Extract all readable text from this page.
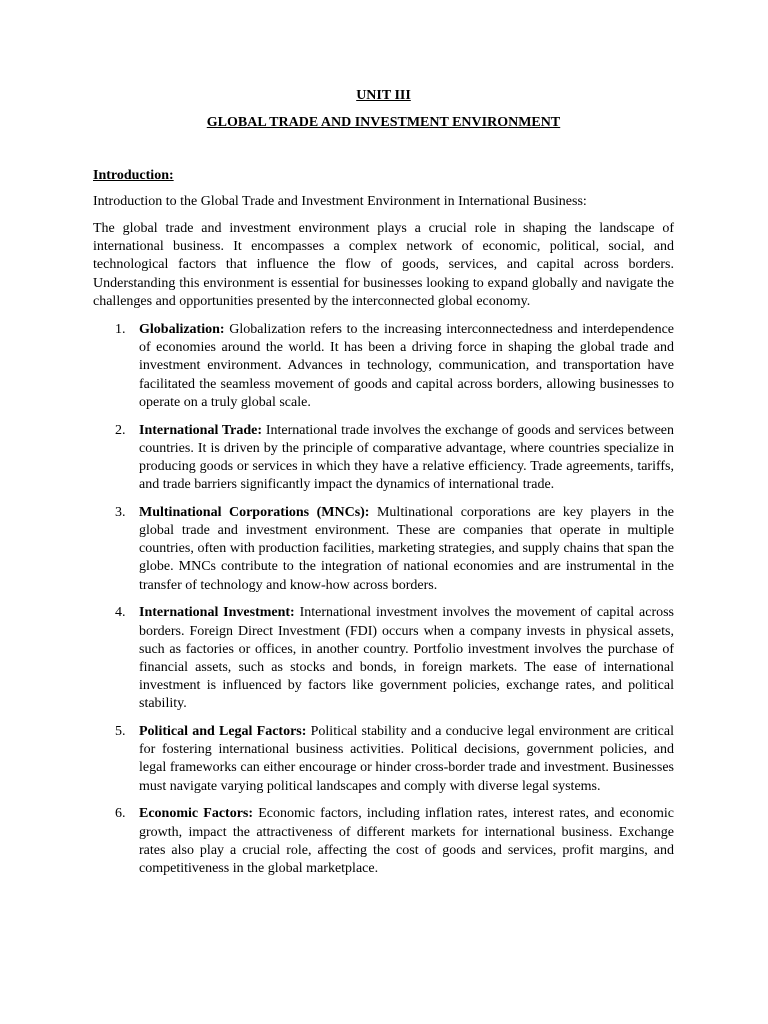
UNIT III

GLOBAL TRADE AND INVESTMENT ENVIRONMENT

Introduction:

Introduction to the Global Trade and Investment Environment in International Business:

The global trade and investment environment plays a crucial role in shaping the landscape of international business. It encompasses a complex network of economic, political, social, and technological factors that influence the flow of goods, services, and capital across borders. Understanding this environment is essential for businesses looking to expand globally and navigate the challenges and opportunities presented by the interconnected global economy.

1. Globalization: Globalization refers to the increasing interconnectedness and interdependence of economies around the world. It has been a driving force in shaping the global trade and investment environment. Advances in technology, communication, and transportation have facilitated the seamless movement of goods and capital across borders, allowing businesses to operate on a truly global scale.
2. International Trade: International trade involves the exchange of goods and services between countries. It is driven by the principle of comparative advantage, where countries specialize in producing goods or services in which they have a relative efficiency. Trade agreements, tariffs, and trade barriers significantly impact the dynamics of international trade.
3. Multinational Corporations (MNCs): Multinational corporations are key players in the global trade and investment environment. These are companies that operate in multiple countries, often with production facilities, marketing strategies, and supply chains that span the globe. MNCs contribute to the integration of national economies and are instrumental in the transfer of technology and know-how across borders.
4. International Investment: International investment involves the movement of capital across borders. Foreign Direct Investment (FDI) occurs when a company invests in physical assets, such as factories or offices, in another country. Portfolio investment involves the purchase of financial assets, such as stocks and bonds, in foreign markets. The ease of international investment is influenced by factors like government policies, exchange rates, and political stability.
5. Political and Legal Factors: Political stability and a conducive legal environment are critical for fostering international business activities. Political decisions, government policies, and legal frameworks can either encourage or hinder cross-border trade and investment. Businesses must navigate varying political landscapes and comply with diverse legal systems.
6. Economic Factors: Economic factors, including inflation rates, interest rates, and economic growth, impact the attractiveness of different markets for international business. Exchange rates also play a crucial role, affecting the cost of goods and services, profit margins, and competitiveness in the global marketplace.
